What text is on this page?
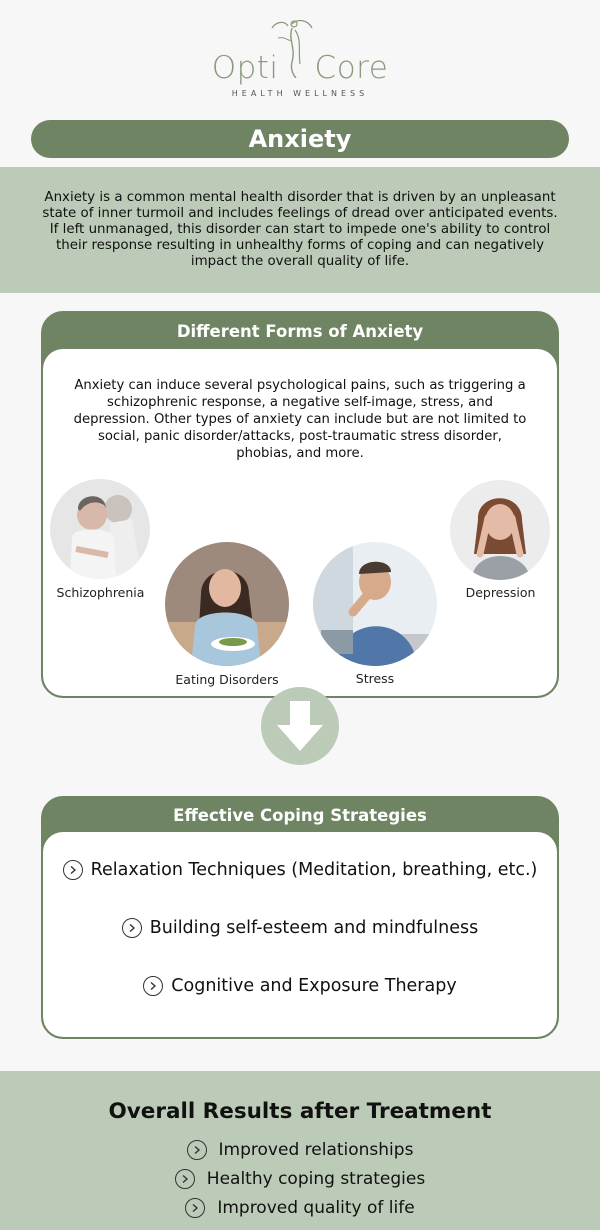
Opti Core
HEALTH WELLNESS
Anxiety

Anxiety is a common mental health disorder that is driven by an unpleasant state of inner turmoil and includes feelings of dread over anticipated events. If left unmanaged, this disorder can start to impede one's ability to control their response resulting in unhealthy forms of coping and can negatively impact the overall quality of life.

Different Forms of Anxiety

Anxiety can induce several psychological pains, such as triggering a schizophrenic response, a negative self-image, stress, and depression. Other types of anxiety can include but are not limited to social, panic disorder/attacks, post-traumatic stress disorder, phobias, and more.

Schizophrenia
Eating Disorders	Stress
Depression
Effective Coping Strategies
Relaxation Techniques (Meditation, breathing, etc.)
Building self-esteem and mindfulness
Cognitive and Exposure Therapy
Overall Results after Treatment
Improved relationships
Healthy coping strategies
Improved quality of life
